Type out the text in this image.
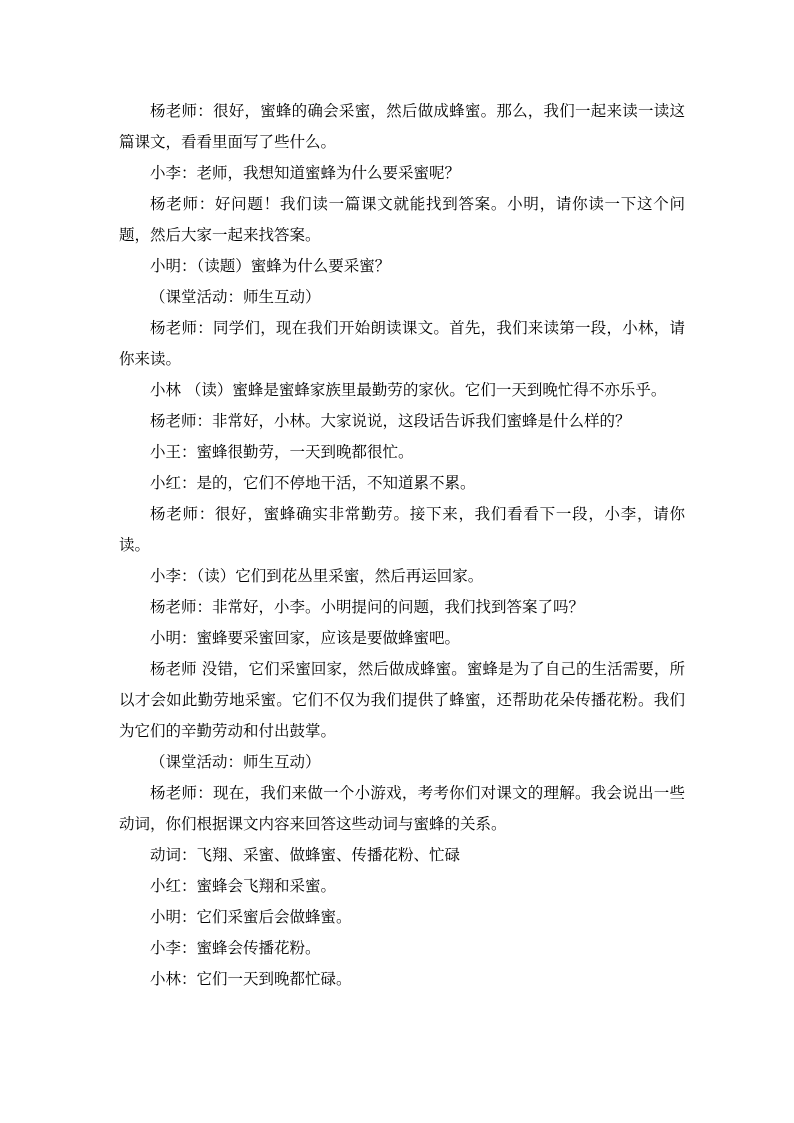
杨老师：很好，蜜蜂的确会采蜜，然后做成蜂蜜。那么，我们一起来读一读这篇课文，看看里面写了些什么。

小李：老师，我想知道蜜蜂为什么要采蜜呢？

杨老师：好问题！我们读一篇课文就能找到答案。小明，请你读一下这个问题，然后大家一起来找答案。

小明：（读题）蜜蜂为什么要采蜜？

（课堂活动：师生互动）

杨老师：同学们，现在我们开始朗读课文。首先，我们来读第一段，小林，请你来读。

小林 （读）蜜蜂是蜜蜂家族里最勤劳的家伙。它们一天到晚忙得不亦乐乎。

杨老师：非常好，小林。大家说说，这段话告诉我们蜜蜂是什么样的？

小王：蜜蜂很勤劳，一天到晚都很忙。

小红：是的，它们不停地干活，不知道累不累。

杨老师：很好，蜜蜂确实非常勤劳。接下来，我们看看下一段，小李，请你读。

小李：（读）它们到花丛里采蜜，然后再运回家。

杨老师：非常好，小李。小明提问的问题，我们找到答案了吗？

小明：蜜蜂要采蜜回家，应该是要做蜂蜜吧。

杨老师 没错，它们采蜜回家，然后做成蜂蜜。蜜蜂是为了自己的生活需要，所以才会如此勤劳地采蜜。它们不仅为我们提供了蜂蜜，还帮助花朵传播花粉。我们为它们的辛勤劳动和付出鼓掌。

（课堂活动：师生互动）

杨老师：现在，我们来做一个小游戏，考考你们对课文的理解。我会说出一些动词，你们根据课文内容来回答这些动词与蜜蜂的关系。

动词：飞翔、采蜜、做蜂蜜、传播花粉、忙碌

小红：蜜蜂会飞翔和采蜜。

小明：它们采蜜后会做蜂蜜。

小李：蜜蜂会传播花粉。

小林：它们一天到晚都忙碌。
